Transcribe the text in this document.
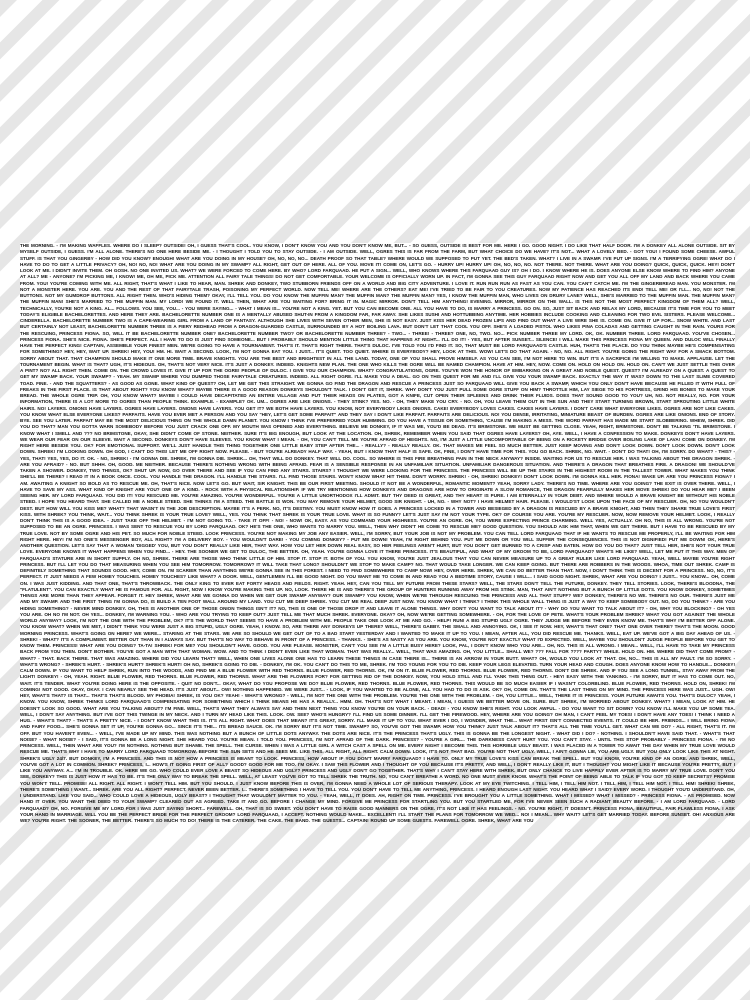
THE MORNING. - I'M MAKING WAFFLES. WHERE DO I SLEEP? OUTSIDE! OH, I GUESS THAT'S COOL. YOU KNOW, I DON'T KNOW YOU AND YOU DON'T KNOW ME, BUT... - SO GUESS, OUTSIDE IS BEST FOR ME. HERE I GO. GOOD NIGHT. I DO LIKE THAT HALF DOOR. I'M A DONKEY ALL ALONE OUTSIDE. SIT BY MYSELF OUTSIDE, I GUESS. I'M ALL ALONE. THERE'S NO ONE HERE BESIDE ME. - I THOUGHT I TOLD YOU TO STAY OUTSIDE. - I AM OUTSIDE. WELL, OGRES THIS IS FAR FROM THE FARM, BUT WHAT CHOICE DO WE HAVE? IT'S NOT... WHAT A LOVELY BED. - GOT YOU! I FOUND SOME CHEESE. AWFUL STUFF. IS THAT YOU GINGERBY - HOW DID YOU KNOW? ENOUGH! WHAT ARE YOU DOING IN MY HOUSE? OH, NO, NO, NO... DEATH PROOF SO THAT TABLE? WHERE WOULD WE SUPPOSED TO PUT YET. THE BED'S TAKEN. WHAT? I LIVE IN A SWAMP. I'VE PUT UP SIGNS. I'M A TERRIFYING OGRE! WHAT DO I HAVE TO DO TO GET A LITTLE PRIVACY? OH, NO! NO, NO! WHAT ARE YOU DOING IN MY SWAMP? ALL RIGHT, GET OUT OF HERE. ALL OF YOU. MOVE IT! COME ON, LET'S GO. - HURRY UP! HURRY UP! OH, NO, NO, NO. NOT THERE. NOT THERE. WHAT ARE YOU DOING? QUICK, QUICK, QUICK. HEY! DON'T LOOK AT ME. I DIDN'T INVITE THEM. OH GOSH. NO ONE INVITED US. WHAT? WE WERE FORCED TO COME HERE. BY WHO? LORD FARQUAAD. HE PUT A SIGN... WELL, WHO KNOWS WHERE THIS FARQUAAD GUY IS? OH I DO. I KNOW WHERE HE IS. DOES ANYONE ELSE KNOW WHERE TO FIND HIM? ANYONE AT ALL? ME - ANYONE? I'M PICKING ME, I KNOW! ME, OH ME, PICK ME. ATTENTION ALL FAIRY TALE THINGS! DO NOT GET COMFORTABLE. YOUR WELCOME IS OFFICIALLY WORN UP. IN FACT, I'M GONNA SEE THIS GUY FARQUAAD RIGHT NOW AND GET YOU ALL OFF MY LAND AND BACK WHERE YOU CAME FROM. YOU! YOU'RE COMING WITH ME. ALL RIGHT, THAT'S WHAT I LIKE TO HEAR, MAN. SHREK AND DONKEY, TWO STUBBORN FRIENDS OFF ON A WORLD AND BIG CITY ADVENTURE. I LOVE IT. RUN RUN RUN AS FAST AS YOU CAN. YOU CAN'T CATCH ME. I'M THE GINGERBREAD MAN. YOU MONSTER. I'M NOT A MONSTER HERE. YOU ARE. YOU AND THE REST OF THAT FAIRYTALE TRASH, POISONING MY PERFECT WORLD. NOW TELL ME! WHERE ARE THE OTHERS? EAT ME! I'VE TRIED TO BE FAIR TO YOU CREATURES. NOW MY PATIENCE HAS REACHED ITS END! TELL ME! OR I'LL... NO, NO! NOT THE BUTTONS. NOT MY GUMDROP BUTTONS. ALL RIGHT THEN. WHO'S HIDING THEM? OKAY, I'LL TELL YOU. DO YOU KNOW THE MUFFIN MAN? THE MUFFIN MAN? THE MUFFIN MAN? YES, I KNOW THE MUFFIN MAN, WHO LIVES ON DRURY LANE? WELL, SHE'S MARRIED TO THE MUFFIN MAN. THE MUFFIN MAN? THE MUFFIN MAN! SHE'S MARRIED TO THE MUFFIN MAN. MY LORD! WE FOUND IT. WELL THEN, WHAT ARE YOU WAITING FOR? BRING IT IN. MAGIC MIRROR. DON'T TELL HIM ANYTHING! EVENING. MIRROR, MIRROR ON THE WALL. IS THIS NOT THE MOST PERFECT KINGDOM OF THEM ALL? WELL, TECHNICALLY, YOU'RE NOT A KING. AL... FOLLOWS. YOU SEE, YOU... - YOU WERE SAYING... - WHAT I MEAN IS... YOU'RE NOT A KING. YET. BUT YOU CAN BECOME ONE. ALL YOU HAVE TO DO, IS MARRY A PRINCESS. GO ON. SO, JUST SIT BACK AND RELAX MY LORD, BECAUSE IT'S TIME FOR YOU TO MEET TODAY'S ELIGIBLE BACHELORETTES. AND HERE THEY ARE. BACHELORETTE NUMBER ONE IS A MENTALLY ABUSED SHUT-IN FROM A KINGDOM FAR, FAR AWAY. SHE LIKES SUSHI AND HOTTUBBING ANYTIME. HER HOBBIES INCLUDE COOKING AND CLEANING FOR TWO EVIL SISTERS. PLEASE WELCOME... CINDERELLA. BACHELORETTE NUMBER TWO IS A CAPE-WEARING GIRL FROM A LAND OF FANTASY. ALTHOUGH SHE LIVES WITH SEVEN OTHER MEN, SHE IS NOT EASY. JUST KISS HER DEAD FROZEN LIPS AND FIND OUT WHAT A LIVE WIRE SHE IS. COME ON. GIVE IT UP FOR... SNOW WHITE. AND LAST BUT CERTAINLY NOT LEAST, BACHELORETTE NUMBER THREE IS A FIERY REDHEAD FROM A DRAGON-GUARDED CASTLE, SURROUNDED BY A HOT BOILING LAVA. BUT DON'T LET THAT COOL YOU OFF. SHE'S A LOADED PISTOL WHO LIKES PINA COLADAS AND GETTING CAUGHT IN THE RAIN. YOURS FOR THE RESCUING, PRINCESS FIONA. SO, WILL IT BE BACHELORETTE NUMBER ONE? BACHELORETTE NUMBER TWO? OR BACHELORETTE NUMBER THREE? - TWO... - THREE! - THREE? ONE, NO, TWO. NO... PICK NUMBER THREE MY LORD. OK, OK. NUMBER THREE. LORD FARQUAAD. YOU'VE CHOSEN... PRINCESS FIONA. SHE'S NICE. FIONA. SHE'S PERFECT. ALL I HAVE TO DO IS JUST FIND SOMEONE... BUT I PROBABLY SHOULD MENTION LITTLE THING THAT HAPPENS AT NIGHT... I'LL DO IT! - YES, BUT AFTER SUNSET... SILENCE! I WILL MAKE THIS PRINCESS FIONA MY QUEEN. AND DULOC WILL FINALLY HAVE THE PERFECT KING! CAPTAIN, ASSEMBLE YOUR FINEST MEN. WE'RE GOING TO HAVE A TOURNAMENT. THAT'S IT. THAT'S RIGHT THERE. THAT'S DULOC. I'VE TOLD YOU I'D FIND IT. SO, THAT MUST BE LORD FARQUAAD'S CASTLE. HUH, THAT'S THE PLACE. DO YOU THINK MAYBE HE'S COMPENSATING FOR SOMETHING? HEY, HEY, WAIT UP. SHREK! HEY, YOU! HM. HI. WAIT A SECOND. LOOK, I'M NOT GONNA EAT YOU. I JUST... IT'S QUIET. TOO QUIET. WHERE IS EVERYBODY? HEY, LOOK AT THIS. WOW! LET'S DO THAT AGAIN. - NO, NO. ALL RIGHT. YOU'RE GOING THE RIGHT WAY FOR A SMACK BOTTOM. SORRY ABOUT THAT. THAT CHAMPION SHOULD MAKE IT ONE MORE TIME. BRAVE KNIGHTS. YOU ARE THE BEST AND BRIGHTEST IN ALL THE LAND. TODAY, ONE OF YOU SHALL PROVE HIMSELF. AS YOU CAN SEE, I'M NOT HERE TO WIN. BUT IT'S A SACRIFICE I'M WILLING TO MAKE. APPLAUSE. LET THE TOURNAMENT BEGIN. WHAT IS THAT? UGH, IT'S HIDEOUS. OH, THAT'S NOT VERY NICE. IT'S JUST A DONKEY. INDEED. KNIGHTS NEW PLAN. THE ONE WHO KILLS THE OGRE WILL BE NAMED CHAMPION. HAVE AT HIM. HEY, NOW. COME ON. HOLD ON HOLD ON. HOLD ON. CAN'T WE JUST SETTLE THIS OVER A PINT? NO? ALL RIGHT THEN. COME ON. THE CROWD LOVES IT. GIVE IT UP FOR THE OGRE! PEOPLE OF DULOC. I GIVE YOU OUR CHAMPION. WHAT? CONGRATULATIONS, OGRE. YOU'VE WON THE HONOR OF EMBARKING ON A GREAT AND NOBLE QUEST. QUEST? I'M ALREADY ON A QUEST. A QUEST TO GET MY SWAMP BACK. YOUR SWAMP? - YEAH. MY SWAMP WHERE YOU DUMPED THOSE FAIRYTALE CREATURES. INDEED. ALL RIGHT OGRE. I'LL MAKE YOU A DEAL. GO ON THIS QUEST FOR ME AND I'LL GIVE YOU YOUR SWAMP BACK. EXACTLY THE WAY IT WAS? DOWN TO THE LAST SLIME COVERED TOAD. FINE. - AND THE SQUATTERS? - AS GOOD AS GONE. WHAT KIND OF QUEST? OH, LET ME GET THIS STRAIGHT. WE GONNA GO FIND THE DRAGON AND RESCUE A PRINCESS JUST SO FARQUAAD WILL GIVE YOU BACK A SWAMP, WHICH YOU ONLY DON'T HAVE BECAUSE HE FILLED IT WITH FULL OF FREAKS IN THE FIRST PLACE. IS THAT ABOUT RIGHT? YOU KNOW WHAT? MAYBE THERE IS A GOOD REASON DONKEYS SHOULDN'T TALK. I DON'T GET IT, SHREK. WHY DON'T YOU JUST PULL SOME OGRE STUFF ON HIM? THROTTLE HIM, LAY SIEGE TO HIS FORTRESS, GRIND HIS BONES TO MAKE YOUR BREAD. THE WHOLE OGRE TRIP. OH, YOU KNOW WHAT? MAYBE I COULD HAVE DECAPITATED AN ENTIRE VILLAGE AND PUT THEIR HEADS ON PLATES, GOT A KNIFE, CUT OPEN THEIR SPLEENS AND DRINK THEIR FLUIDS. DOES THAT SOUND GOOD TO YOU? UH, NO. NOT REALLY, NO. FOR YOUR INFORMATION, THERE IS A LOT MORE TO OGRES THAN PEOPLE THINK. EXAMPLE. - EXAMPLE? OK. UM... OGRES ARE LIKE ONIONS. - THEY STINK? YES. NO. - OH, THEY MAKE YOU CRY. - NO. OH, YOU LEAVE THEM OUT IN THE SUN AND THEY START TURNING BROWN, START SPROUTING LITTLE WHITE HAIRS. NO! LAYERS. ONIONS HAVE LAYERS. OGRES HAVE LAYERS. ONIONS HAVE LAYERS. YOU GET IT? WE BOTH HAVE LAYERS. YOU KNOW, NOT EVERYBODY LIKES ONIONS. CAKE! EVERYBODY LOVES CAKES. CAKES HAVE LAYERS. I DON'T CARE WHAT EVERYONE LIKES. OGRES ARE NOT LIKE CAKES. YOU KNOW WHAT ELSE EVERYONE LIKES? PARFAITS. HAVE YOU EVER MET A PERSON AND YOU SAY "HEY, LET'S GET SOME PARFAIT" AND THEY SAY I DON'T LIKE PARFAIT. PARFAITS ARE DELICIOUS. NO! YOU DENSE, IRRITATING, MINIATURE BEAST OF BURDEN. OGRES ARE LIKE ONIONS. END OF STORY. BYE. SEE YOU LATER. PARFAIT MAY BE THE MOST DELICIOUS THING ON THE WHOLE DAMN PLANET. YOU KNOW I THINK I'VE PREFERRED YOUR HUMMING. DO YOU HAVE A TISSUE OR SOMETHING, 'CAUSE I'M MAKING A MESS. THE WORD PARFAIT HAS MADE ME START SLOBBERING. WHEW, SHREK. DID YOU DO THAT? MAN YOU GOTTA WARN SOMEBODY BEFORE YOU JUST CRACK ONE OFF. MY MOUTH WAS OPENED AND EVERYTHING. BELIEVE ME DONKEY, IF IT WAS ME, YOU'D BE DEAD. IT'S BRIMSTONE. WE MUST BE GETTING CLOSE. YEAH, RIGHT, BRIMSTONE. DON'T BE TALKING 'TIL BRIMSTONE. I KNOW WHAT I SMELL AND ??? NO BRIMSTONE, OKAY, SHE DIDN'T COME OF STONE. NEITHER. SURE IT'S BIG ENOUGH, BUT LOOK AT THE LOCATION. OH, SHREK, REMEMBER WHEN YOU SAID THAT OGRES HAVE LAYERS? OH, AYE. WELL, I HAVE A CONFESSION TO MAKE. DONKEYS DON'T HAVE LAYERS. WE WEAR OUR FEAR ON OUR SLEEVE. WAIT A SECOND. DONKEYS DON'T HAVE SLEEVES. YOU KNOW WHAT I MEAN. - OH, YOU CAN'T TELL ME YOU'RE AFRAID OF HEIGHTS. NO, I'M JUST A LITTLE UNCOMFORTABLE OF BEING ON A RICKETY BRIDGE OVER BOILING LAKE OF LAVA! COME ON DONKEY. I'M RIGHT HERE BESIDE YOU. OK? FOR EMOTIONAL SUPPORT. WE'LL JUST HANDLE THIS THING TOGETHER ONE LITTLE BABY STEP AFTER THE... - REALLY? - REALLY REALLY. OK. THAT MAKES ME FEEL SO MUCH BETTER. JUST KEEP MOVING AND DON'T LOOK DOWN. DON'T LOOK DOWN. DON'T LOOK DOWN. SHREK! I'M LOOKING DOWN. OH GOD, I CAN'T DO THIS! LET ME OFF RIGHT NOW. PLEASE. - BUT YOU'RE ALREADY HALF WAY. - YEAH, BUT I KNOW THAT HALF IS SAFE. OK, FINE, I DON'T HAVE TIME FOR THIS. YOU GO BACK. SHREK, NO. WAIT. - DON'T DO THAT! OH, I'M SORRY. DO WHAT? - THIS? - YES, THAT! YES, YES, DO IT. OK. - NO, SHREK! - I'M GONNA DIE. SHREK, I'M GONNA DIE. SHREK... OH, THAT WILL DO DONKEY. THAT WILL DO. COOL. SO WHERE IS THIS FIRE BREATHING PAIN IN THE NECK ANYWAY? INSIDE. WAITING FOR US TO RESCUE HER. I WAS TALKING ABOUT THE DRAGON SHREK. - ARE YOU AFRAID? - NO. BUT SHHH. OH, GOOD. ME NEITHER. BECAUSE THERE'S NOTHING WRONG WITH BEING AFRAID. FEAR IS A SENSIBLE RESPONSE IN AN UNFAMILIAR SITUATION. UNFAMILIAR DANGEROUS SITUATION. AND THERE'S A DRAGON THAT BREATHES FIRE. A DRAGON! WE SHOULD'VE TAKEN A SHOWER. DONKEY, TWO THINGS, OK? SHUT UP. NOW, GO OVER THERE AND SEE IF YOU CAN FIND ANY STAIRS. STAIRS? I THOUGHT WE WERE LOOKING FOR THE PRINCESS. THE PRINCESS WILL BE UP THE STAIRS IN THE HIGHEST ROOM IN THE TALLEST TOWER. WHAT MAKES YOU THINK SHE'LL BE THERE? I READ IT IN A BOOK ONCE. COOL. YOU HANDLE THE DRAGON. I'LL HANDLE THE STAIRS. I'LL FIND THOSE STAIRS. WON'T KNOW WHAT HIT THEM. DON'T WORRY. SHREK! - OH, SHREK! DONKEY! DON'T LOOK DOWN. I'M GONNA KILL HER. FIONA! WAKE UP. ARE YOU PRINCESS FIONA? I AM. AWAITING A KNIGHT SO BOLD AS TO RESCUE ME. OH, THAT'S NICE. NOW LET'S GO. BUT WAIT, SIR KNIGHT. THIS BE OUR FIRST MEETING. SHOULD IT NOT BE A WONDERFUL, ROMANTIC MOMENT? YEAH, SORRY LADY. THERE'S NO TIME. WHERE ARE YOU GOING? THE EXIT IS OVER THERE. WELL, I HAVE TO SAVE MY ASS. WHAT KIND OF KNIGHT ARE YOU? ONE OF A KIND. - ROCK WITH A PHYSICAL RELATIONSHIP. IF WE TRY MENTIONING HOW DONKEYS AND DRAGONS ARE HOW TO ORIGINATE A SLOW ROMANCE, THE DRAGON FEARFULLY MAKES HER MOVE SHREK! DO YOU HEAR ME? I BEEN SEEING HER. MY LORD FARQUAAD. YOU DID IT! YOU RESCUED ME. YOU'RE AMAZING. YOU'RE WONDERFUL. YOU'RE A LITTLE UNORTHODOX I'LL ADMIT. BUT THY DEED IS GREAT, AND THY HEART IS PURE. I AM ETERNALLY IN YOUR DEBT. AND WHERE WOULD A BRAVE KNIGHT BE WITHOUT HIS NOBLE STEED. I HOPE YOU HEARD THAT. SHE CALLED ME A NOBLE STEED. SHE THINKS I'M A STEED. THE BATTLE IS WON. YOU MAY REMOVE YOUR HELMET, GOOD SIR KNIGHT. - UH, NO. - WHY NOT? I HAVE HELMET HAIR. PLEASE. I WOULD'ST LOOK UPON THE FACE OF MY RESCUER. OH, NO YOU WOULDN'T DEST. BUT HOW WILL YOU KISS ME? WHAT? THAT WASN'T IN THE JOB DESCRIPTION. MAYBE IT'S A PERK. NO, IT'S DESTINY. YOU MUST KNOW HOW IT GOES. A PRINCESS LOCKED IN A TOWER AND BESIEGED BY A DRAGON IS RESCUED BY A BRAVE KNIGHT, AND THEN THEY SHARE TRUE LOVE'S FIRST KISS. WITH SHREK? YOU THINK, WAIT... YOU THINK SHREK IS YOUR TRUE LOVE? WELL, YES. YOU THINK THAT SHREK IS YOUR TRUE LOVE. WHAT IS SO FUNNY? LET'S JUST SAY I'M NOT YOUR TYPE. OK? OF COURSE YOU ARE. YOU'RE MY RESCUER. NOW, NOW REMOVE YOUR HELMET. LOOK, I REALLY DON'T THINK THIS IS A GOOD IDEA. - JUST TAKE OFF THE HELMET. - I'M NOT GOING TO. - TAKE IT OFF! - NO! - NOW! OK, EASY. AS YOU COMMAND YOUR HIGHNESS. YOU'RE AN OGRE. OH, YOU WERE EXPECTING PRINCE CHARMING. WELL YES, ACTUALLY. OH NO, THIS IS ALL WRONG. YOU'RE NOT SUPPOSED TO BE AN OGRE. PRINCESS. I WAS SENT TO RESCUE YOU BY LORD FARQUAAD. OK? HE'S THE ONE, WHO WANTS TO MARRY YOU. WELL, THEN WHY DIDN'T HE COME TO RESCUE ME? GOOD QUESTION. YOU SHOULD ASK HIM THAT, WHEN WE GET THERE. BUT I HAVE TO BE RESCUED BY MY TRUE LOVE. NOT BY SOME OGRE AND HIS PET. SO MUCH FOR NOBLE STEED. LOOK PRINCESS. YOU'RE NOT MAKING MY JOB ANY EASIER. WELL, I'M SORRY, BUT YOUR JOB IS NOT MY PROBLEM. YOU CAN TELL LORD FARQUAAD THAT IF HE WANTS TO RESCUE ME PROPERLY, I'LL BE WAITING FOR HIM RIGHT HERE. HEY! I'M NO ONE'S MESSENGER BOY, ALL RIGHT? I'M A DELIVERY BOY. - YOU WOULDN'T DARE! - YOU COMING DONKEY? - PUT ME DOWN! YEAH, I'M RIGHT BEHIND YOU. PUT ME DOWN OR YOU WILL SUFFER THE CONSEQUENCES. THIS IS NOT DIGNIFIED! PUT ME DOWN! OK, HERE'S ANOTHER QUESTION. LET'S SAY THAT A WOMAN 'DIGGED' YOU, BUT YOU DON'T REALLY LIKE HER, THAT WAY. HOW YOU LET HER DOWN REAL EASY, SO HER FEELINGS AREN'T HURT, BUT YOU DON'T GET BURNED TO A CRISP AND EATEN. HOW DO YOU DO THAT? JUST TELL HER, SHE'S NOT YOUR TRUE LOVE. EVERYONE KNOWS IT WHAT HAPPENS WHEN YOU FIND... - HEY. THE SOONER WE GET TO DULOC, THE BETTER. OH, YEAH. YOU'RE GONNA LOVE IT THERE PRINCESS. IT'S BEAUTIFUL, AND WHAT OF MY GROOM TO BE, LORD FARQUAAD? WHAT'S HE LIKE? WELL, LET ME PUT IT THIS WAY. MEN OF FARQUAAD'S STATURE ARE IN SHORT SUPPLY. OH NO, SHREK. THERE ARE THOSE WHO THINK LITTLE OF HIM. STOP IT. STOP IT. BOTH OF YOU. YOU KNOW, YOU'RE JUST JEALOUS THAT YOU CAN NEVER MEASURE UP TO A GREAT RULER LIKE LORD FARQUAAD. YEAH, WELL MAYBE YOU'RE RIGHT PRINCESS. BUT I'LL LET YOU DO THAT MEASURING WHEN YOU SEE HIM TOMORROW. TOMORROW? IT WILL TAKE THAT LONG? SHOULDN'T WE STOP TO MAKE CAMP? NO. THAT WOULD TAKE LONGER. WE CAN KEEP GOING. BUT THERE ARE ROBBERS IN THE WOODS. WHOA, TIME OUT SHREK. CAMP IS DEFINITELY SOMETHING THAT SOUNDS GOOD. HEY, COME ON. I'M SCARIER THAN ANYTHING WE'RE GONNA SEE IN THIS FOREST. I NEED TO FIND SOMEWHERE TO CAMP NOW! HEY, OVER HERE. SHREK, WE CAN DO BETTER THAN THAT. NOW, I DON'T THINK THIS IS DECENT FOR A PRINCESS. NO, NO, IT'S PERFECT. IT JUST NEEDS A FEW HOMEY TOUCHES. HOMEY TOUCHES? LIKE WHAT? A DOOR. WELL, GENTLEMEN I'LL BE GOOD NIGHT. DO YOU WANT ME TO COME IN AND READ YOU A BEDTIME STORY, CAUSE I WILL... I SAID GOOD NIGHT. SHREK, WHAT ARE YOU DOING? I JUST... YOU KNOW... OH, COME ON. I WAS JUST KIDDING. AND THAT ONE, THAT'S THROWBACK. THE ONLY KING TO EVER EAT FORTY HEADS AND FIELDS. RIGHT. YEAH. HEY, CAN YOU TELL MY FUTURE FROM THESE STARS? WELL, THE STARS DON'T TELL THE FUTURE, DONKEY. THEY TELL STORIES. LOOK, THERE'S BLOODNA, THE "FLATULENT". YOU CAN EXACTLY WHAT HE IS FAMOUS FOR. ALL RIGHT, NOW I KNOW YOU'RE MAKING THIS UP. NO, LOOK. THERE HE IS AND THERE'S THE GROUP OF HUNTERS RUNNING AWAY FROM HIS STINK. MAN, THAT AIN'T NOTHING BUT A BUNCH OF LITTLE DOTS. YOU KNOW DONKEY, SOMETIMES THINGS ARE MORE THAN THEY APPEAR. FORGET IT. HEY SHREK, WHAT ARE WE GONNA DO WHEN WE GET OUR SWAMP ANYWAY? OUR SWAMP? YOU KNOW, WHEN WE'RE THROUGH RESCUING THE PRINCESS AND ALL THAT STUFF? WE? DONKEY, THERE'S NO WE. THERE'S NO OUR. THERE'S JUST ME AND MY SWAMP. AND THE FIRST THING I'M GONNA DO, IS BUILD A TEN FOOT WALL AROUND MY LAND. YOU CUT ME DEEP SHREK. YOU CUT ME REAL DEEP JUST NOW. YOU KNOW WHAT I THINK? I THINK THIS WHOLE WALL THING IS JUST A WAY TO KEEP SOMEBODY OUT. NO, DO YOU THINK? - ARE YOU HIDING SOMETHING? - NEVER MIND DONKEY. OH, THIS IS ANOTHER ONE OF THOSE ONION THINGS ISN'T IT? NO, THIS IS ONE OF THOSE DROP IT AND LEAVE IT ALONE THINGS. WHY DON'T YOU WANT TO TALK ABOUT IT? - WHY DO YOU WANT TO TALK ABOUT IT? - OH, WHY YOU BLOCKING? - OH YES YOU ARE. OH NO I'M NOT. OH YES... DONKEY, I'M WARNING YOU. - WHO ARE YOU TRYING TO KEEP OUT? JUST TELL ME THAT MUCH SHREK. EVERYONE. OKAY? OH, NOW WE'RE GETTING SOMEWHERE. - OH, FOR THE LOVE OF PETE. WHAT'S YOUR PROBLEM SHREK? WHAT YOU GOT AGAINST THE WHOLE WORLD ANYWAY? LOOK, I'M NOT THE ONE WITH THE PROBLEM, OK? IT'S THE WORLD THAT SEEMS TO HAVE A PROBLEM WITH ME. PEOPLE TAKE ONE LOOK AT ME AND GO. - HELP! RUN! A BIG STUPID UGLY OGRE. THEY JUDGE ME BEFORE THEY EVEN KNOW ME. THAT'S WHY I'M BETTER OFF ALONE. YOU KNOW WHAT? WHEN WE MET, I DIDN'T THINK YOU WERE JUST A BIG STUPID, UGLY OGRE. YEAH, I KNOW. SO, ARE THERE ANY DONKEYS UP THERE? WELL, THERE'S GABBY. THE SMALL AND ANNOYING. OK, I SEE IT NOW. HEY, WHAT'S THAT ONE? THAT ONE OVER THERE? THAT'S THE MOON. GOOD MORNING PRINCESS. WHAT'S GOING ON HERE? WE WERE... STARING AT THE STARS. WE ARE SO SHOULD WE GET OUT OF TO A BAD START YESTERDAY AND I WANTED TO MAKE IT UP TO YOU. I MEAN, AFTER ALL, YOU DID RESCUE ME. THANKS. WELL, EAT UP. WE'VE GOT A BIG DAY AHEAD OF US. - SHREK! - WHAT? IT'S A COMPLIMENT. BETTER OUT THAN IN I ALWAYS SAY. BUT THAT'S NO WAY TO BEHAVE IN FRONT OF A PRINCESS. - THANKS. - SHE'S AS NASTY AS YOU ARE. YOU KNOW, YOU'RE NOT EXACTLY WHAT I'D EXPECTED. WELL, MAYBE YOU SHOULDN'T JUDGE PEOPLE BEFORE YOU GET TO KNOW THEM. PRINCESS! WHAT ARE YOU DOING? TA-TA! SHREK! FOR ME? YOU SHOULDN'T HAVE. GOOD. YOU ARE PLEASE. MONSTER, CAN'T YOU SEE I'M A LITTLE BUSY HERE? LOOK, PAL, I DON'T KNOW WHO YOU ARE... OH, NO. THIS IS ALL WRONG. I MEAN... WELL, I'LL HAVE TO TAKE MY PRINCESS BACK FROM YOU THEN. DON'T BOTHER. YOU'VE GOT A MAN WITH THAT WOMAN. WOW. AND TO THINK I DIDN'T EVEN LIKE THAT WOMAN. THAT WAS REALLY... WELL, THAT WAS AMAZING. OH, YOU LITTLE... SHALL WE? ??? FALL FOR ???? PARTY? WHILE. HOLD ON. HM. WHERE DID THAT COME FROM? - WHAT? - THAT. BACK THERE. THAT WAS AMAZING. WHERE DID YOU LEARN THAT? WELL, WHEN ONE LIVES ALONE ONE HAS TO LEARN THESE THINGS IN CASE THERE IS... THERE IS AN ARROW IN YOUR BUTT. WHAT? OH, WOULD YOU LOOK AT THAT. OH, NO... THIS IS ALL MY FAULT. I'M SO SORRY. - WHAT'S WRONG? - SHREK'S HURT. - SHREK'S HURT? SHREK'S HURT! OH NO, SHREK'S GOING TO DIE. - DONKEY, I'M OK. YOU CAN'T DO THIS TO ME, SHREK. I'M TOO YOUNG FOR YOU TO DIE. KEEP YOUR LEGS ELEVATED. TURN YOUR HEAD AND COUGH. DOES ANYONE KNOW HOW TO HANDLE... DONKEY! CALM DOWN. IF YOU WANT TO HELP SHREK, RUN INTO THE WOODS, AND FIND ME A BLUE FLOWER WITH RED THORNS. BLUE FLOWER, RED THORNS. OK, I'M ON IT. BLUE FLOWER, RED THORNS. BLUE FLOWER, RED THORNS. DON'T DIE SHREK. AND IF YOU SEE A LONG TUNNEL, STAY AWAY FROM THE LIGHT! DONKEY! - OH, YEAH. RIGHT. BLUE FLOWER, RED THORNS. BLUE FLOWER, RED THORNS. WHAT ARE THE FLOWERS FOR? FOR GETTING RID OF THE DONKEY. NOW, YOU HOLD STILL AND I'LL YANK THIS THING OUT. - HEY! EASY WITH THE YANKING. - I'M SORRY, BUT IT HAS TO COME OUT. NO, WAIT. IT'S TENDER. WHAT YOU'RE DOING HERE IS THE OPPOSITE. - QUIT NO DON'T... OKAY, WHAT DO YOU PROPOSE WE DO? BLUE FLOWER, RED THORNS. BLUE FLOWER, RED THORNS. THIS WOULD BE SO MUCH EASIER IF I WASN'T COLORBLIND. BLUE FLOWER, RED THORNS. HOLD ON, SHREK! I'M COMING! NOT GOOD. OKAY, OKAY. I CAN NEARLY SEE THE HEAD. IT'S JUST ABOUT... OW! NOTHING HAPPENED. WE WERE JUST... - LOOK, IF YOU WANTED TO BE ALONE, ALL YOU HAD TO DO IS ASK. OK? OH, COME ON. THAT'S THE LAST THING ON MY MIND. THE PRINCESS HERE WAS JUST... UGH. OW! HEY, WHAT'S THAT? IS THAT... THAT'S THAT'S BLOOD. MY PHOBIA! SHREK, IS YOU OK? YEAH! - WHAT'S WRONG? - WELL, I'M NOT THE ONE WITH THE PROBLEM. YOU'RE THE ONE WITH THE PROBLEM. - OH, YOU LITTLE... WELL, THERE IT IS PRINCESS. YOUR FUTURE AWAITS YOU. THAT'S DULOC? YEAH, I KNOW. YOU KNOW, SHREK THINKS LORD FARQUAAD'S COMPENSATING FOR SOMETHING WHICH I THINK MEANS HE HAS A REALLY... HMM. OH. THAT'S NOT WHAT I MEANT. I MEAN, I GUESS WE BETTER MOVE ON. SURE. BUT SHREK, I'M WORRIED ABOUT DONKEY. WHAT? I MEAN, LOOK AT HIM. HE DOESN'T LOOK SO GOOD. WHAT ARE YOU TALKING ABOUT? I'M FINE. WELL, THAT'S WHAT THEY ALWAYS SAY AND THEN NEXT THING YOU KNOW YOU'RE ON YOUR BACK. - DEAD! - YOU KNOW SHE'S RIGHT. YOU LOOK AWFUL. - DO YOU WANT TO SIT DOWN? YOU KNOW I'LL MAKE YOU UP SOME TEA. WELL, I DON'T SAY ANYTHING. BUT I'VE GOT THIS TWINGE IN MY NECK. AND I TURN MY HEAD LIKE THIS. LOOK. OW. SEE? WHO'S HUNGRY? I'LL FIND US SOME DINNER. I'LL GET THE FIREWOOD. HEY, WHERE ARE YOU GOING? OH MAN, I CAN'T FEEL MY TOES! I DON'T HAVE ANY TOES! I THINK I NEED A HUG. - WHAT'S THAT? - THAT'S A PRETTY NICE. - I DON'T KNOW WHAT THIS IS. IT'S ALL RIGHT. WHAT DOES THAT MEAN? IT'S GREAT, SORRY. I'LL MAKE IT UP TO YOU. WHAT EVER I DO, I WONDER, WHAT THE... WHAT FIRST ISN'T CONNECTED EVENTS. IT COULD BE HER. FRIENDS... I WILL BRING FIONA AND FAIRY FOOD... SHE'S GONNA SET IT UP, YOU'RE GONNA GO... SINCE IT'S THE... ITS BREAD SAUCE. OK. I'M SORRY BUT IT'S NOT TIME. SWAMP? SO, YOU'VE GOT THE SWAMP. HOW YOU THINK? JUST TALK ABOUT IT? THAT'S ALL THE TIME YOU'LL GET. WHAT CAN WE DO? - ALL RIGHT, THAT'S IT. I'M OFF. BUT YOU HAVEN'T EVEN... - WELL, I'VE MADE UP MY MIND. THIS WAS NOTHING BUT A BUNCH OF LITTLE DOTS ANYWAY. THE DOTS ARE NICE. IT'S THE PRINCESS THAT'S UGLY. THIS IS GONNA BE THE LONGEST NIGHT. - WHAT DID I DO? - NOTHING. I SHOULDN'T HAVE SAID THAT. - WHAT'S THAT NOISE? - WHAT NOISE? - I SAID, IT'S GONNA BE A LONG NIGHT. SHE HEARD YOU. YOU'RE MEAN. I TOLD YOU. PRINCESS, I'M NOT AFRAID OF THE DARK. PRINCESS? - YOU'RE A GIRL... THE DARKNESS CAN'T HURT YOU. YOU CAN'T STAY. - UNTIL THIS STOP PROBABLY - PRINCESS FIONA. - I'M NO PRINCESS. WELL, THEN WHAT ARE YOU? I'M NOTHING. NOTHING BUT SHAME. THE SPELL. THE CURSE. WHEN I WAS A LITTLE GIRL A WITCH CAST A SPELL ON ME. EVERY NIGHT I BECOME THIS. THIS HORRIBLE UGLY BEAST. I WAS PLACED IN A TOWER TO AWAIT THE DAY WHEN MY TRUE LOVE WOULD RESCUE ME. THAT'S WHY I HAVE TO MARRY LORD FARQUAAD TOMORROW. BEFORE THE SUN SETS AND HE SEES ME. LIKE THIS. ALL RIGHT, ALL RIGHT. CALM DOWN. LOOK, IT'S NOT THAT BAD. YOU'RE NOT THAT UGLY. WELL, I AIN'T GONNA LIE, YOU ARE UGLY. BUT YOU ONLY LOOK LIKE THIS AT NIGHT. SHREK'S UGLY 24/7. BUT DONKEY, I'M A PRINCESS. AND THIS IS NOT HOW A PRINCESS IS MEANT TO LOOK. PRINCESS, HOW ABOUT IF YOU DON'T MARRY FARQUAAD? I HAVE TO. ONLY MY TRUE LOVE'S KISS CAN BREAK THE SPELL. BUT YOU KNOW, YOU'RE KIND OF AN OGRE. AND SHREK, WELL, YOU'VE GOT A LOT IN COMMON. SHREK? PRINCESS, I... HOW'S IT GOING FIRST OF ALL? GOOD? GOOD FOR ME TOO. I'M OKAY. I SAW THIS FLOWER AND I THOUGHT OF YOU BECAUSE IT'S PRETTY, AND WELL, I DON'T REALLY LIKE IT, BUT I THOUGHT YOU MIGHT LIKE IT BECAUSE YOU'RE PRETTY, BUT I LIKE YOU ANYWAY. A... I'M IN TROUBLE. OK. HERE WE GO. WHO COULD EVER LOVE A BEAST SO HIDEOUS AND UGLY? PRINCESS AND UGLY DON'T GO TOGETHER. THAT'S WHY I CAN'T STAY HERE WITH SHREK. BUT ONLY CHANCE TO LIVE HAPPILY EVER AFTER IS TO MARRY MY TRUE LOVE. DON'T YOU SEE, DONKEY? THIS IS JUST HOW IT HAS TO BE. IT'S THE ONLY WAY TO BREAK THE SPELL. WELL, AT LEAST YOU'VE GOT TO TELL SHREK THE TRUTH. NO, YOU CAN'T BREATHE A WORD. NO ONE MUST EVER KNOW. WHAT'S THE POINT OF BEING ABLE TO TALK IF YOU GOT TO KEEP SECRETS? PROMISE YOU WON'T TELL. PROMISE! ALL RIGHT. ALL RIGHT. I WON'T TELL HIM. BUT YOU SHOULD. I JUST KNOW BEFORE THIS IS OVER, I'M GONNA NEED A WHOLE LOT OF SERIOUS THERAPY. LOOK AT MY EYE TWITCHING. I TELL HIM, I TELL HIM NOT. I TELL HIM, I TELL HIM NOT. I TELL HIM! SHREK! SHREK, THERE'S SOMETHING I WANT... SHREK. ARE YOU ALL RIGHT? PERFECT. NEVER BEEN BETTER. I... THERE'S SOMETHING I HAVE TO TELL YOU. YOU DON'T HAVE TO TELL ME ANYTHING, PRINCESS. I HEARD ENOUGH LAST NIGHT. YOU HEARD WHAT I SAID? EVERY WORD. I THOUGHT YOU'D UNDERSTAND. OH, I UNDERSTAND. LIKE YOU SAID... WHO COULD LOVE A HIDEOUS, UGLY BEAST? I THOUGHT THAT WOULDN'T MATTER TO YOU. - YEAH, WELL, IT DOES. AH, RIGHT ON TIME. PRINCESS. I'VE BROUGHT YOU A LITTLE SOMETHING. WHAT I MISSED? WHAT I MISSED? - PRINCESS FIONA. - AS PROMISED. NOW HAND IT OVER. YOU WANT THE DEED TO YOUR SWAMP? CLEARED OUT AS AGREED. TAKE IT AND GO. BEFORE I CHANGE MY MIND. FORGIVE ME PRINCESS FOR STARTLING YOU. BUT YOU STARTLED ME, FOR I'VE NEVER SEEN SUCH A RADIANT BEAUTY BEFORE. - I AM LORD FARQUAAD. - LORD FARQUAAD? OH, NO. FORGIVE ME MY LORD FOR I WAS JUST SAYING SHORT... FAREWELL. OH, THAT IS SO SWEET. YOU DON'T HAVE TO RAISE GOOD MANNERS ON THE OGRE. IT'S NOT LIKE IT HAS FEELINGS. - NO. YOU'RE RIGHT. IT DOESN'T. PRINCESS FIONA, BEAUTIFUL, FAIR FLAWLESS FIONA. I ASK YOUR HAND IN MARRIAGE. WILL YOU BE THE PERFECT BRIDE FOR THE PERFECT GROOM? LORD FARQUAAD, I ACCEPT. NOTHING WOULD MAKE... EXCELLENT! I'LL START THE PLANS FOR TOMORROW WE WED... NO! I MEAN... WHY WAIT? LET'S GET MARRIED TODAY. BEFORE SUNSET. OH! ANXIOUS ARE WE? YOU'RE RIGHT. THE SOONER, THE BETTER. THERE'S SO MUCH TO DO! THERE IS THE CATERER. THE CAKE. THE BAND. THE GUESTS... CAPTAIN! ROUND UP SOME GUESTS. FAREWELL OGRE. SHREK, WHAT ARE YOU
